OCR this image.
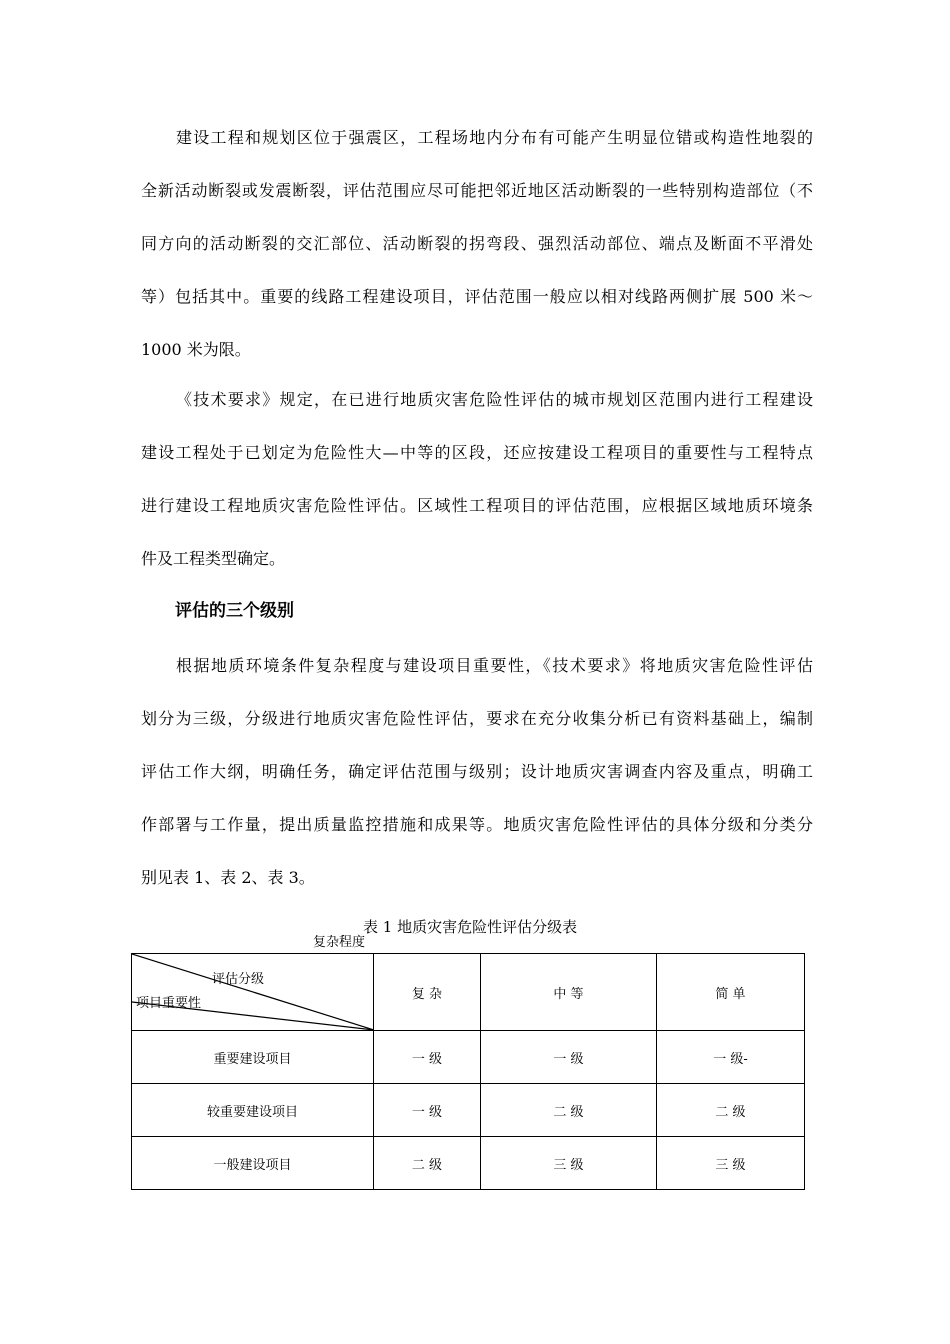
建设工程和规划区位于强震区，工程场地内分布有可能产生明显位错或构造性地裂的
全新活动断裂或发震断裂，评估范围应尽可能把邻近地区活动断裂的一些特别构造部位（不
同方向的活动断裂的交汇部位、活动断裂的拐弯段、强烈活动部位、端点及断面不平滑处
等）包括其中。重要的线路工程建设项目，评估范围一般应以相对线路两侧扩展 500 米～
1000 米为限。
《技术要求》规定，在已进行地质灾害危险性评估的城市规划区范围内进行工程建设
建设工程处于已划定为危险性大—中等的区段，还应按建设工程项目的重要性与工程特点
进行建设工程地质灾害危险性评估。区域性工程项目的评估范围，应根据区域地质环境条
件及工程类型确定。
评估的三个级别
根据地质环境条件复杂程度与建设项目重要性，《技术要求》将地质灾害危险性评估
划分为三级，分级进行地质灾害危险性评估，要求在充分收集分析已有资料基础上，编制
评估工作大纲，明确任务，确定评估范围与级别；设计地质灾害调查内容及重点，明确工
作部署与工作量，提出质量监控措施和成果等。地质灾害危险性评估的具体分级和分类分
别见表 1、表 2、表 3。
表 1 地质灾害危险性评估分级表
复杂程度
评估分级
项目重要性	复 杂	中 等	简 单
重要建设项目	一 级	一 级	一 级-
较重要建设项目	一 级	二 级	二 级
一般建设项目	二 级	三 级	三 级
